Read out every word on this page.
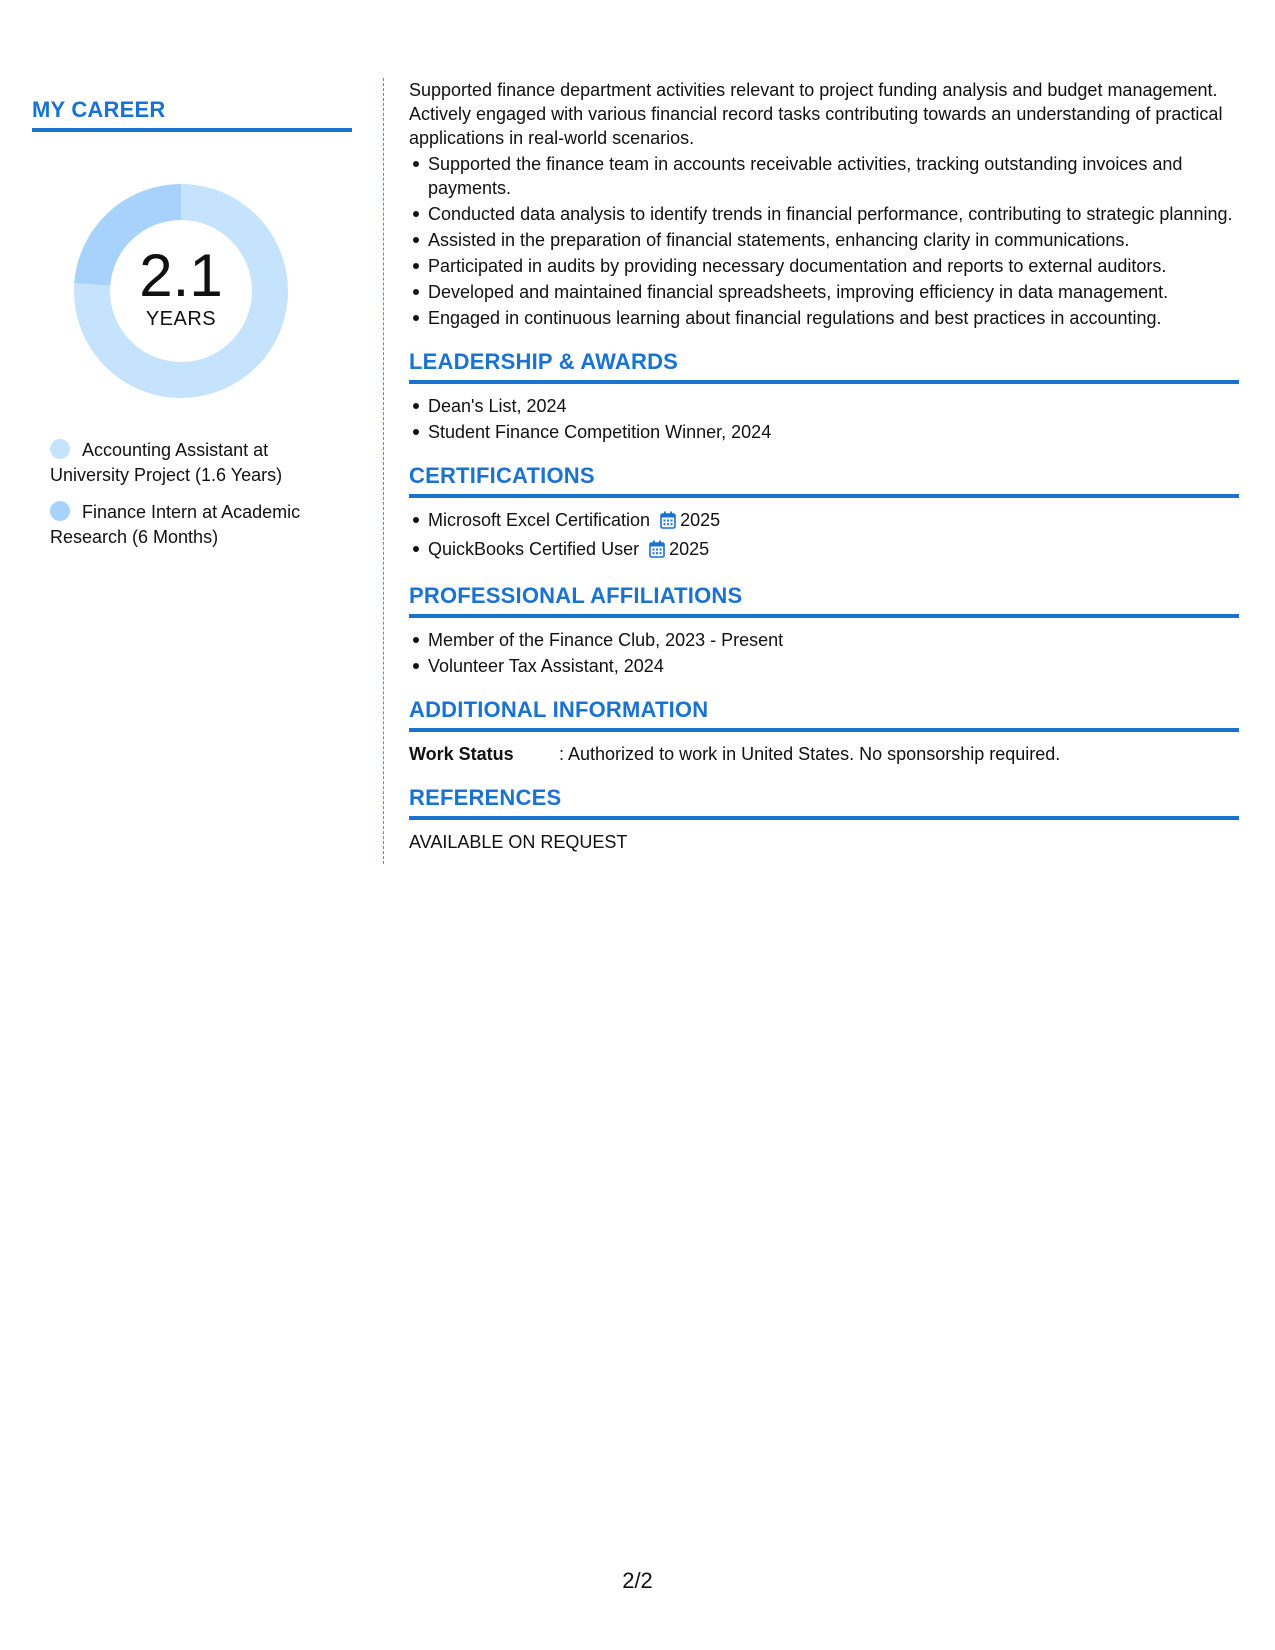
MY CAREER
2.1
YEARS
Accounting Assistant at University Project (1.6 Years)
Finance Intern at Academic Research (6 Months)

Supported finance department activities relevant to project funding analysis and budget management. Actively engaged with various financial record tasks contributing towards an understanding of practical applications in real-world scenarios.

Supported the finance team in accounts receivable activities, tracking outstanding invoices and payments.
Conducted data analysis to identify trends in financial performance, contributing to strategic planning.
Assisted in the preparation of financial statements, enhancing clarity in communications.
Participated in audits by providing necessary documentation and reports to external auditors.
Developed and maintained financial spreadsheets, improving efficiency in data management.
Engaged in continuous learning about financial regulations and best practices in accounting.
LEADERSHIP & AWARDS
Dean's List, 2024
Student Finance Competition Winner, 2024
CERTIFICATIONS
Microsoft Excel Certification 2025
QuickBooks Certified User 2025
PROFESSIONAL AFFILIATIONS
Member of the Finance Club, 2023 - Present
Volunteer Tax Assistant, 2024
ADDITIONAL INFORMATION
Work Status	: Authorized to work in United States. No sponsorship required.
REFERENCES
AVAILABLE ON REQUEST
2/2
